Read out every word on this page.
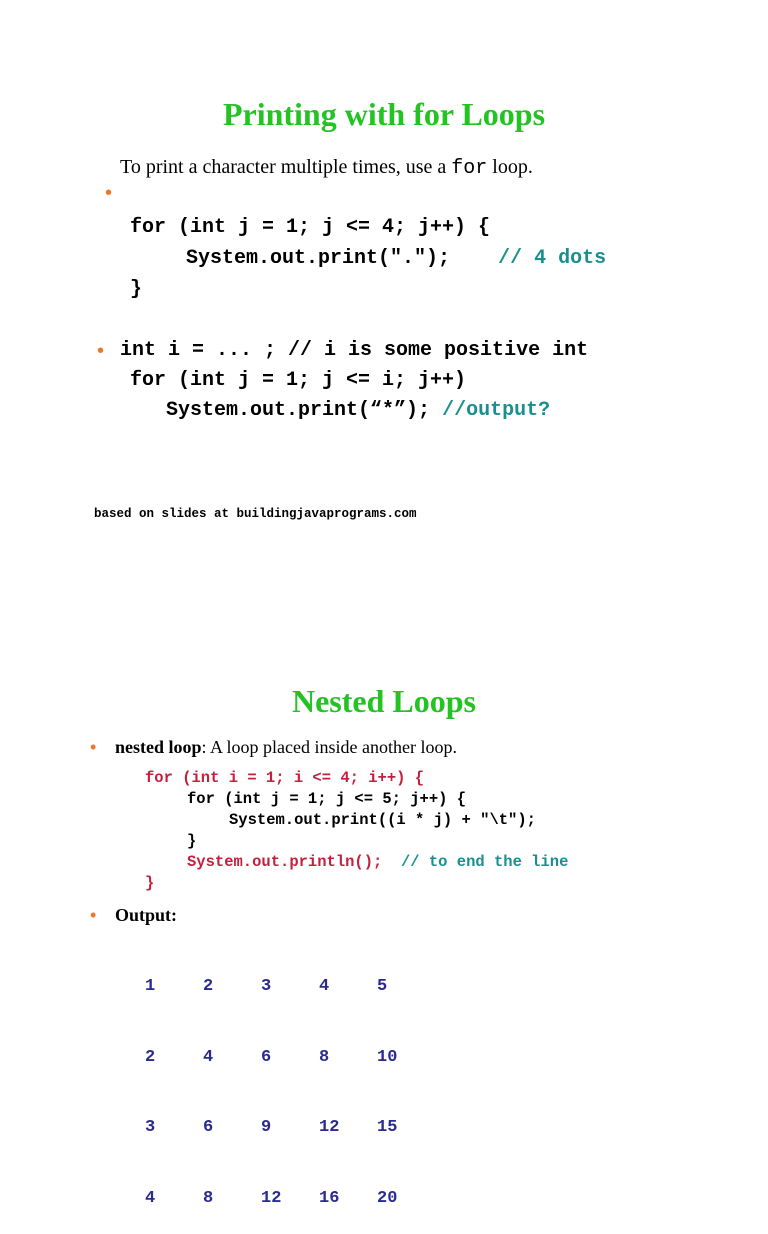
Printing with for Loops

•

To print a character multiple times, use a for loop.
for (int j = 1; j <= 4; j++) {
System.out.print("."); // 4 dots
}
• int i = ... ; // i is some positive int
for (int j = 1; j <= i; j++)
System.out.print(“*”); //output?
based on slides at buildingjavaprograms.com
Nested Loops
• nested loop: A loop placed inside another loop.
for (int i = 1; i <= 4; i++) {
for (int j = 1; j <= 5; j++) {
System.out.print((i * j) + "\t");
}
System.out.println(); // to end the line
}
• Output:

1	2	3	4	5

2	4	6	8	10

3	6	9	12 15

4	8	12 16 20
